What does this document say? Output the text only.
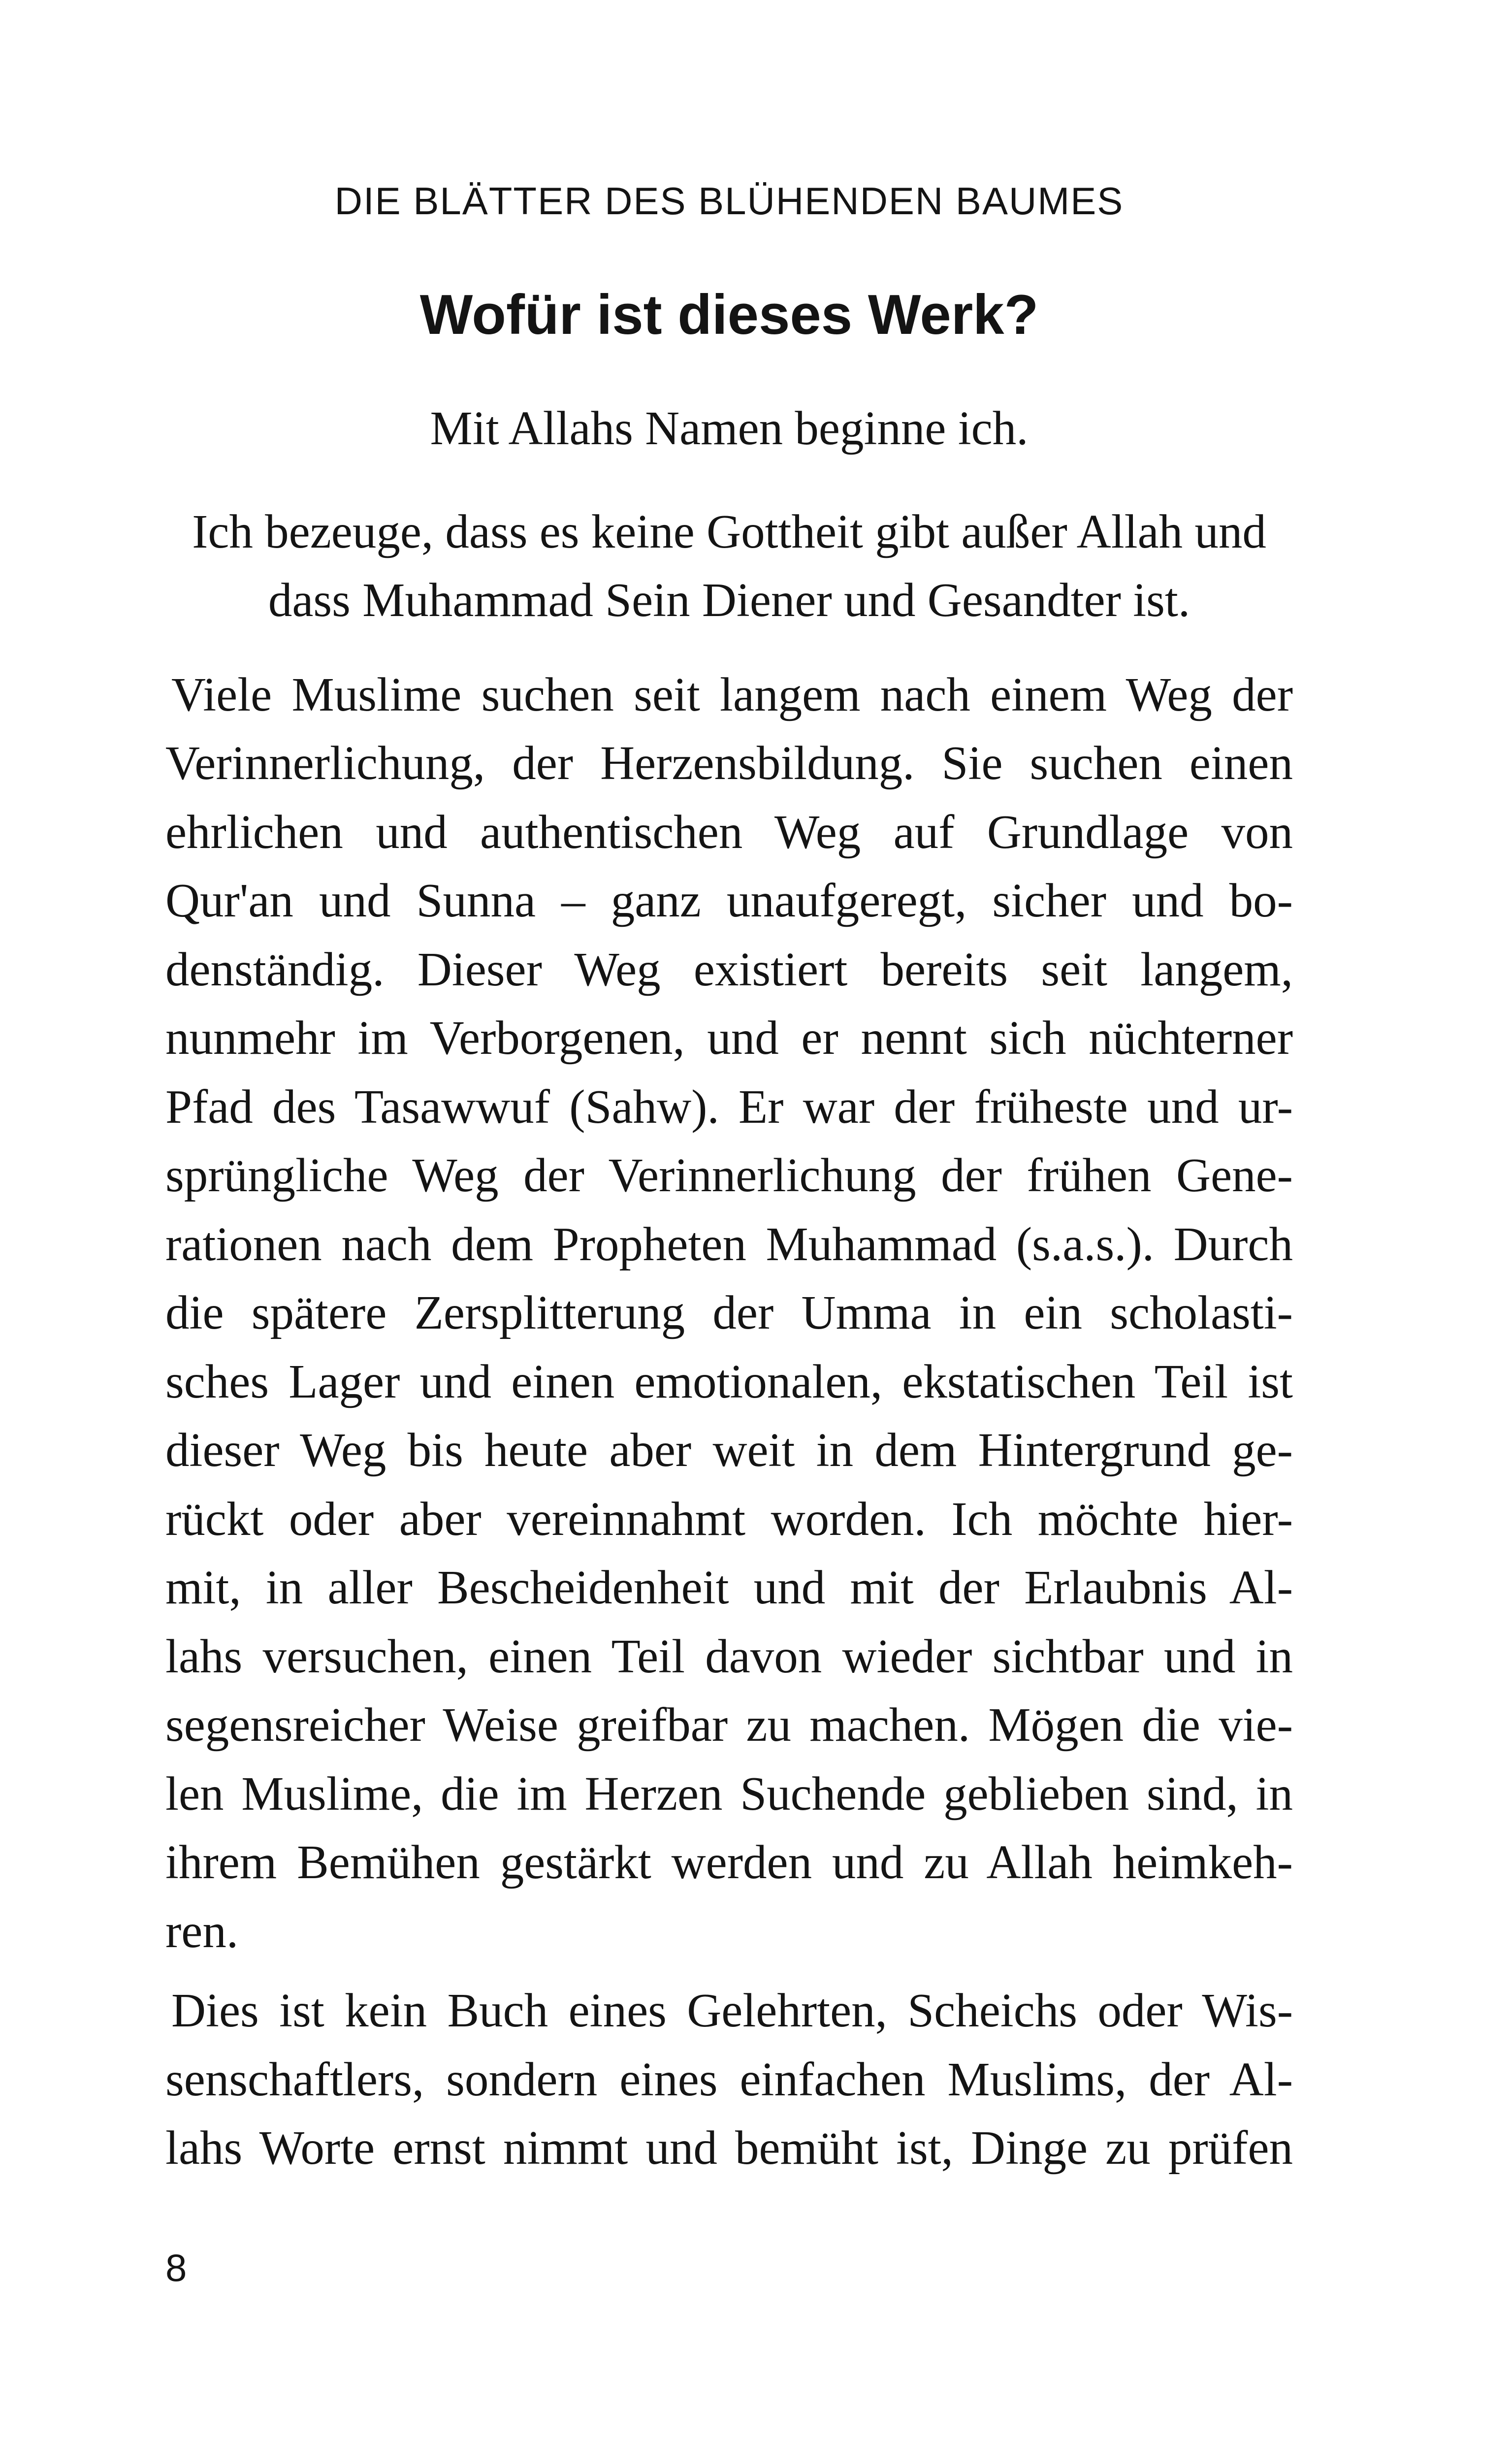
DIE BLÄTTER DES BLÜHENDEN BAUMES
Wofür ist dieses Werk?

Mit Allahs Namen beginne ich.

Ich bezeuge, dass es keine Gottheit gibt außer Allah und
dass Muhammad Sein Diener und Gesandter ist.

Viele Muslime suchen seit langem nach einem Weg der
Verinnerlichung, der Herzensbildung. Sie suchen einen
ehrlichen und authentischen Weg auf Grundlage von
Qur'an und Sunna – ganz unaufgeregt, sicher und bo-
denständig. Dieser Weg existiert bereits seit langem,
nunmehr im Verborgenen, und er nennt sich nüchterner
Pfad des Tasawwuf (Sahw). Er war der früheste und ur-
sprüngliche Weg der Verinnerlichung der frühen Gene-
rationen nach dem Propheten Muhammad (s.a.s.). Durch
die spätere Zersplitterung der Umma in ein scholasti-
sches Lager und einen emotionalen, ekstatischen Teil ist
dieser Weg bis heute aber weit in dem Hintergrund ge-
rückt oder aber vereinnahmt worden. Ich möchte hier-
mit, in aller Bescheidenheit und mit der Erlaubnis Al-
lahs versuchen, einen Teil davon wieder sichtbar und in
segensreicher Weise greifbar zu machen. Mögen die vie-
len Muslime, die im Herzen Suchende geblieben sind, in
ihrem Bemühen gestärkt werden und zu Allah heimkeh-
ren.

Dies ist kein Buch eines Gelehrten, Scheichs oder Wis-
senschaftlers, sondern eines einfachen Muslims, der Al-
lahs Worte ernst nimmt und bemüht ist, Dinge zu prüfen

8
